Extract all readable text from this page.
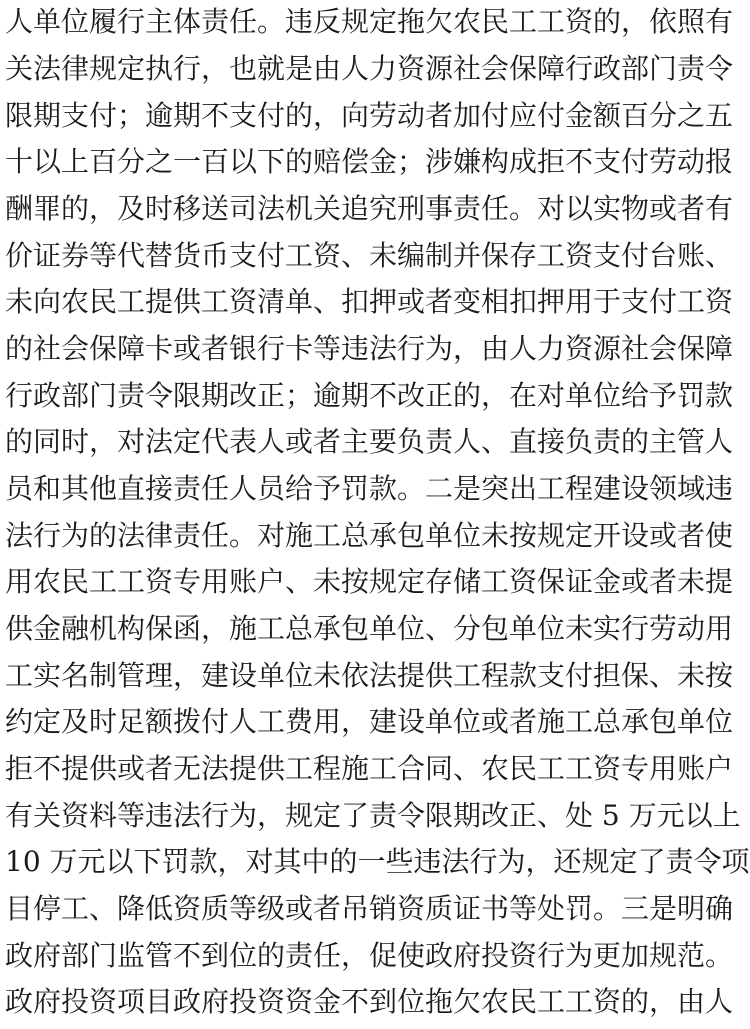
人单位履行主体责任。违反规定拖欠农民工工资的，依照有
关法律规定执行，也就是由人力资源社会保障行政部门责令
限期支付；逾期不支付的，向劳动者加付应付金额百分之五
十以上百分之一百以下的赔偿金；涉嫌构成拒不支付劳动报
酬罪的，及时移送司法机关追究刑事责任。对以实物或者有
价证券等代替货币支付工资、未编制并保存工资支付台账、
未向农民工提供工资清单、扣押或者变相扣押用于支付工资
的社会保障卡或者银行卡等违法行为，由人力资源社会保障
行政部门责令限期改正；逾期不改正的，在对单位给予罚款
的同时，对法定代表人或者主要负责人、直接负责的主管人
员和其他直接责任人员给予罚款。二是突出工程建设领域违
法行为的法律责任。对施工总承包单位未按规定开设或者使
用农民工工资专用账户、未按规定存储工资保证金或者未提
供金融机构保函，施工总承包单位、分包单位未实行劳动用
工实名制管理，建设单位未依法提供工程款支付担保、未按
约定及时足额拨付人工费用，建设单位或者施工总承包单位
拒不提供或者无法提供工程施工合同、农民工工资专用账户
有关资料等违法行为，规定了责令限期改正、处 5 万元以上
10 万元以下罚款，对其中的一些违法行为，还规定了责令项
目停工、降低资质等级或者吊销资质证书等处罚。三是明确
政府部门监管不到位的责任，促使政府投资行为更加规范。
政府投资项目政府投资资金不到位拖欠农民工工资的，由人
